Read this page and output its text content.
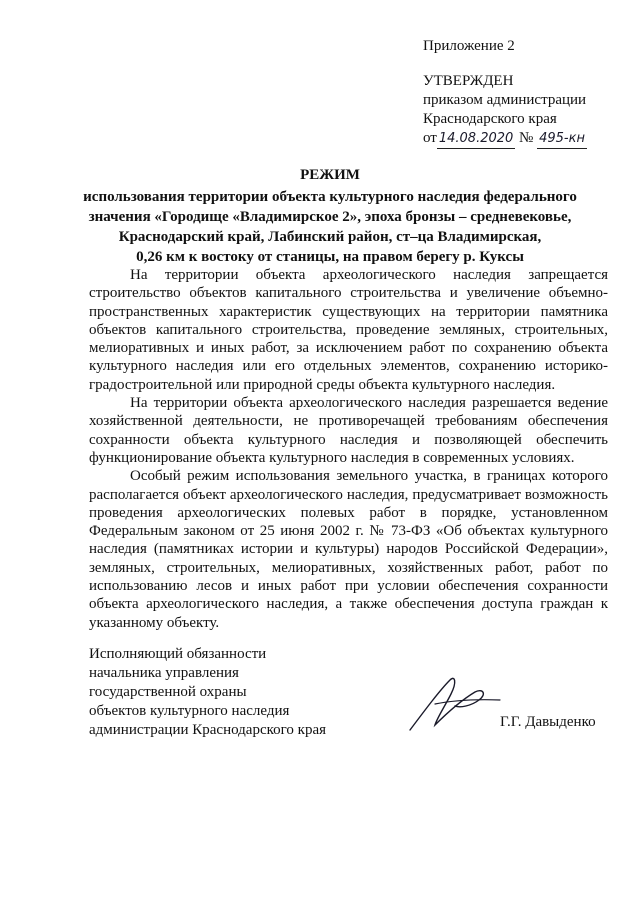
Приложение 2
УТВЕРЖДЕН
приказом администрации
Краснодарского края
от 14.08.2020 № 495-кн
РЕЖИМ
использования территории объекта культурного наследия федерального
значения «Городище «Владимирское 2», эпоха бронзы – средневековье,
Краснодарский край, Лабинский район, ст–ца Владимирская,
0,26 км к востоку от станицы, на правом берегу р. Куксы

На территории объекта археологического наследия запрещается строительство объектов капитального строительства и увеличение объемно-пространственных характеристик существующих на территории памятника объектов капитального строительства, проведение земляных, строительных, мелиоративных и иных работ, за исключением работ по сохранению объекта культурного наследия или его отдельных элементов, сохранению историко-градостроительной или природной среды объекта культурного наследия.

На территории объекта археологического наследия разрешается ведение хозяйственной деятельности, не противоречащей требованиям обеспечения сохранности объекта культурного наследия и позволяющей обеспечить функционирование объекта культурного наследия в современных условиях.

Особый режим использования земельного участка, в границах которого располагается объект археологического наследия, предусматривает возможность проведения археологических полевых работ в порядке, установленном Федеральным законом от 25 июня 2002 г. № 73-ФЗ «Об объектах культурного наследия (памятниках истории и культуры) народов Российской Федерации», земляных, строительных, мелиоративных, хозяйственных работ, работ по использованию лесов и иных работ при условии обеспечения сохранности объекта археологического наследия, а также обеспечения доступа граждан к указанному объекту.

Исполняющий обязанности
начальника управления
государственной охраны
объектов культурного наследия
администрации Краснодарского края	Г.Г. Давыденко
